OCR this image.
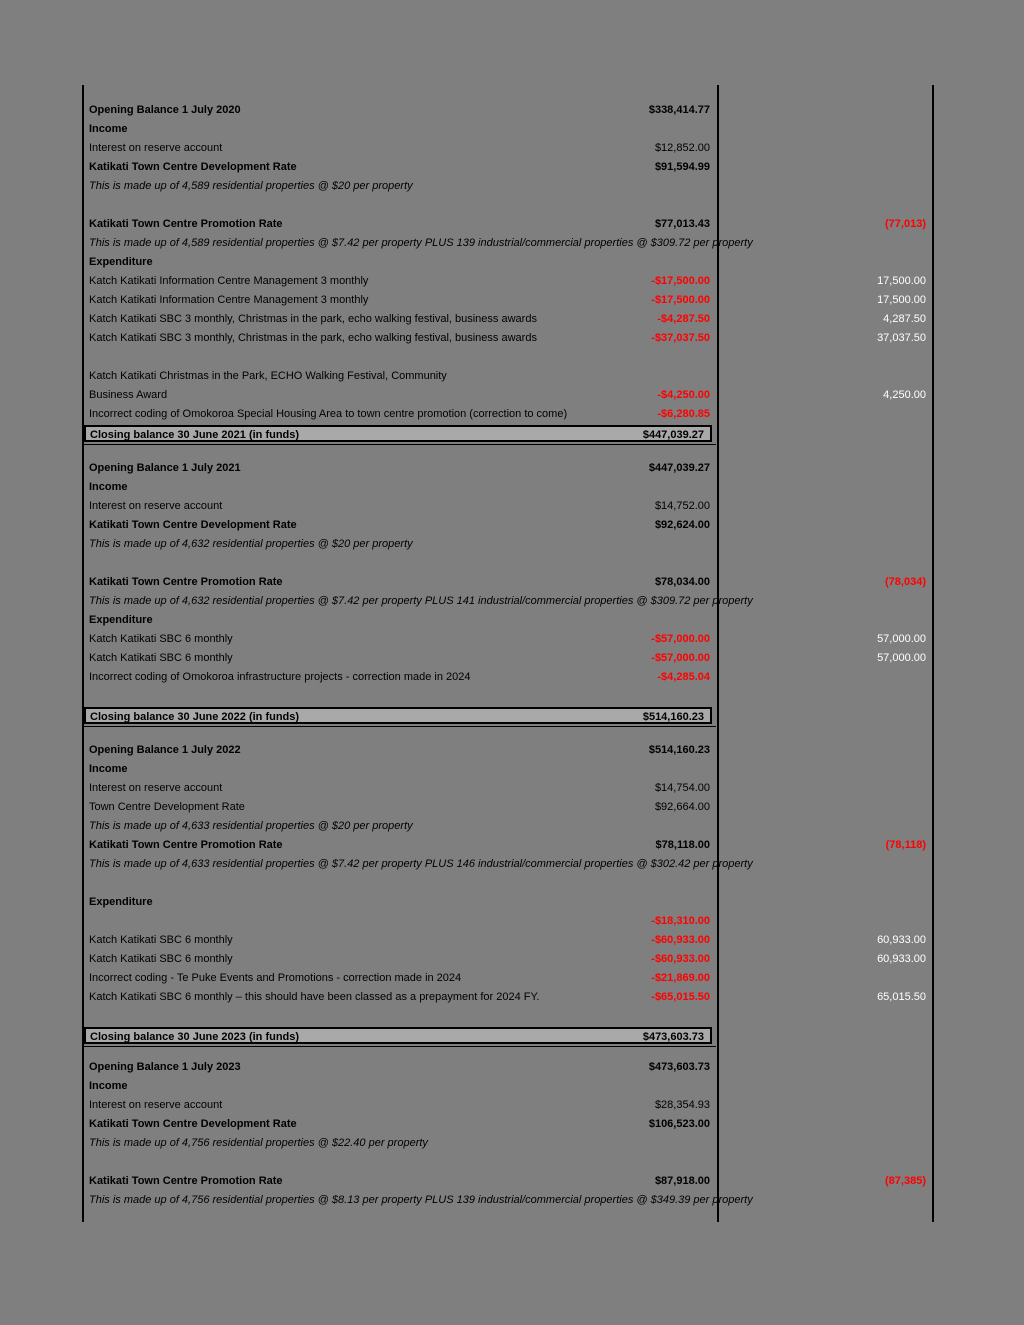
Opening Balance 1 July 2020	$338,414.77
Income
Interest on reserve account	$12,852.00
Katikati Town Centre Development Rate	$91,594.99
This is made up of 4,589 residential properties @ $20 per property
Katikati Town Centre Promotion Rate	$77,013.43	(77,013)
This is made up of 4,589 residential properties @ $7.42 per property PLUS 139 industrial/commercial properties @ $309.72 per property
Expenditure
Katch Katikati Information Centre Management 3 monthly	-$17,500.00	17,500.00
Katch Katikati Information Centre Management 3 monthly	-$17,500.00	17,500.00
Katch Katikati SBC 3 monthly, Christmas in the park, echo walking festival, business awards	-$4,287.50	4,287.50
Katch Katikati SBC 3 monthly, Christmas in the park, echo walking festival, business awards	-$37,037.50	37,037.50
Katch Katikati Christmas in the Park, ECHO Walking Festival, Community
Business Award	-$4,250.00	4,250.00
Incorrect coding of Omokoroa Special Housing Area to town centre promotion (correction to come)	-$6,280.85
Closing balance 30 June 2021 (in funds)	$447,039.27
Opening Balance 1 July 2021	$447,039.27
Income
Interest on reserve account	$14,752.00
Katikati Town Centre Development Rate	$92,624.00
This is made up of 4,632 residential properties @ $20 per property
Katikati Town Centre Promotion Rate	$78,034.00	(78,034)
This is made up of 4,632 residential properties @ $7.42 per property PLUS 141 industrial/commercial properties @ $309.72 per property
Expenditure
Katch Katikati SBC 6 monthly	-$57,000.00	57,000.00
Katch Katikati SBC 6 monthly	-$57,000.00	57,000.00
Incorrect coding of Omokoroa infrastructure projects - correction made in 2024	-$4,285.04
Closing balance 30 June 2022 (in funds)	$514,160.23
Opening Balance 1 July 2022	$514,160.23
Income
Interest on reserve account	$14,754.00
Town Centre Development Rate	$92,664.00
This is made up of 4,633 residential properties @ $20 per property
Katikati Town Centre Promotion Rate	$78,118.00	(78,118)
This is made up of 4,633 residential properties @ $7.42 per property PLUS 146 industrial/commercial properties @ $302.42 per property
Expenditure
-$18,310.00
Katch Katikati SBC 6 monthly	-$60,933.00	60,933.00
Katch Katikati SBC 6 monthly	-$60,933.00	60,933.00
Incorrect coding - Te Puke Events and Promotions - correction made in 2024	-$21,869.00
Katch Katikati SBC 6 monthly – this should have been classed as a prepayment for 2024 FY.	-$65,015.50	65,015.50
Closing balance 30 June 2023 (in funds)	$473,603.73
Opening Balance 1 July 2023	$473,603.73
Income
Interest on reserve account	$28,354.93
Katikati Town Centre Development Rate	$106,523.00
This is made up of 4,756 residential properties @ $22.40 per property
Katikati Town Centre Promotion Rate	$87,918.00	(87,385)
This is made up of 4,756 residential properties @ $8.13 per property PLUS 139 industrial/commercial properties @ $349.39 per property
